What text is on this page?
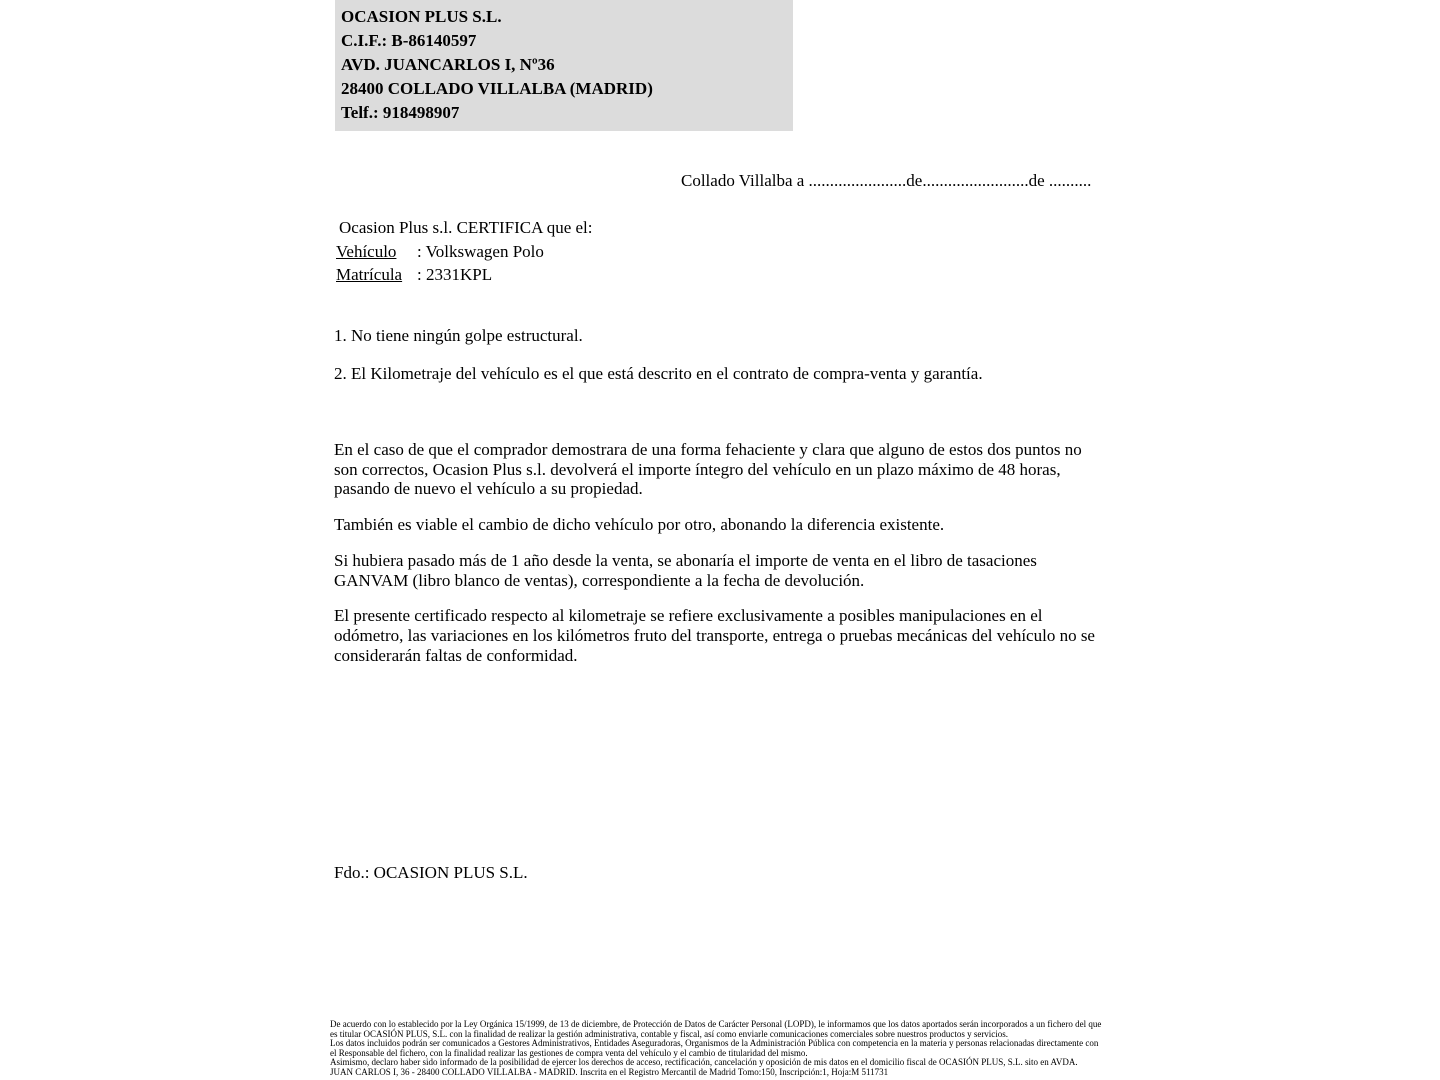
OCASION PLUS S.L.
C.I.F.: B-86140597
AVD. JUANCARLOS I, Nº36
28400 COLLADO VILLALBA (MADRID)
Telf.: 918498907
Collado Villalba a .......................de.........................de ..........
Ocasion Plus s.l. CERTIFICA que el:
Vehículo : Volkswagen Polo
Matrícula : 2331KPL

1. No tiene ningún golpe estructural.

2. El Kilometraje del vehículo es el que está descrito en el contrato de compra-venta y garantía.

En el caso de que el comprador demostrara de una forma fehaciente y clara que alguno de estos dos puntos no son correctos, Ocasion Plus s.l. devolverá el importe íntegro del vehículo en un plazo máximo de 48 horas, pasando de nuevo el vehículo a su propiedad.

También es viable el cambio de dicho vehículo por otro, abonando la diferencia existente.

Si hubiera pasado más de 1 año desde la venta, se abonaría el importe de venta en el libro de tasaciones GANVAM (libro blanco de ventas), correspondiente a la fecha de devolución.

El presente certificado respecto al kilometraje se refiere exclusivamente a posibles manipulaciones en el odómetro, las variaciones en los kilómetros fruto del transporte, entrega o pruebas mecánicas del vehículo no se considerarán faltas de conformidad.

Fdo.: OCASION PLUS S.L.

De acuerdo con lo establecido por la Ley Orgánica 15/1999, de 13 de diciembre, de Protección de Datos de Carácter Personal (LOPD), le informamos que los datos aportados serán incorporados a un fichero del que es titular OCASIÓN PLUS, S.L. con la finalidad de realizar la gestión administrativa, contable y fiscal, así como enviarle comunicaciones comerciales sobre nuestros productos y servicios.

Los datos incluidos podrán ser comunicados a Gestores Administrativos, Entidades Aseguradoras, Organismos de la Administración Pública con competencia en la materia y personas relacionadas directamente con el Responsable del fichero, con la finalidad realizar las gestiones de compra venta del vehículo y el cambio de titularidad del mismo.

Asimismo, declaro haber sido informado de la posibilidad de ejercer los derechos de acceso, rectificación, cancelación y oposición de mis datos en el domicilio fiscal de OCASIÓN PLUS, S.L. sito en AVDA. JUAN CARLOS I, 36 - 28400 COLLADO VILLALBA - MADRID. Inscrita en el Registro Mercantil de Madrid Tomo:150, Inscripción:1, Hoja:M 511731
